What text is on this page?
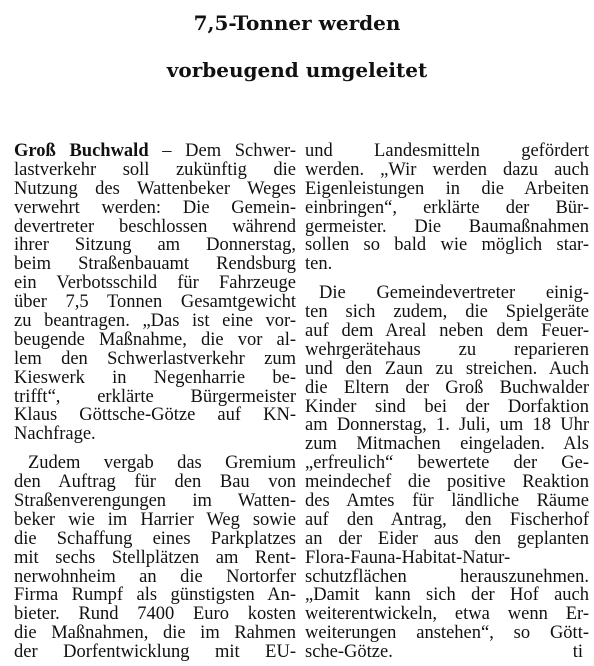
7,5-Tonner werden
vorbeugend umgeleitet
Groß Buchwald – Dem Schwer-
lastverkehr soll zukünftig die
Nutzung des Wattenbeker Weges
verwehrt werden: Die Gemein-
devertreter beschlossen während
ihrer Sitzung am Donnerstag,
beim Straßenbauamt Rendsburg
ein Verbotsschild für Fahrzeuge
über 7,5 Tonnen Gesamtgewicht
zu beantragen. „Das ist eine vor-
beugende Maßnahme, die vor al-
lem den Schwerlastverkehr zum
Kieswerk in Negenharrie be-
trifft“, erklärte Bürgermeister
Klaus Göttsche-Götze auf KN-
Nachfrage.
Zudem vergab das Gremium
den Auftrag für den Bau von
Straßenverengungen im Watten-
beker wie im Harrier Weg sowie
die Schaffung eines Parkplatzes
mit sechs Stellplätzen am Rent-
nerwohnheim an die Nortorfer
Firma Rumpf als günstigsten An-
bieter. Rund 7400 Euro kosten
die Maßnahmen, die im Rahmen
der Dorfentwicklung mit EU-
und Landesmitteln gefördert
werden. „Wir werden dazu auch
Eigenleistungen in die Arbeiten
einbringen“, erklärte der Bür-
germeister. Die Baumaßnahmen
sollen so bald wie möglich star-
ten.
Die Gemeindevertreter einig-
ten sich zudem, die Spielgeräte
auf dem Areal neben dem Feuer-
wehrgerätehaus zu reparieren
und den Zaun zu streichen. Auch
die Eltern der Groß Buchwalder
Kinder sind bei der Dorfaktion
am Donnerstag, 1. Juli, um 18 Uhr
zum Mitmachen eingeladen. Als
„erfreulich“ bewertete der Ge-
meindechef die positive Reaktion
des Amtes für ländliche Räume
auf den Antrag, den Fischerhof
an der Eider aus den geplanten
Flora-Fauna-Habitat-Natur-
schutzflächen herauszunehmen.
„Damit kann sich der Hof auch
weiterentwickeln, etwa wenn Er-
weiterungen anstehen“, so Gött-
sche-Götze.	ti
